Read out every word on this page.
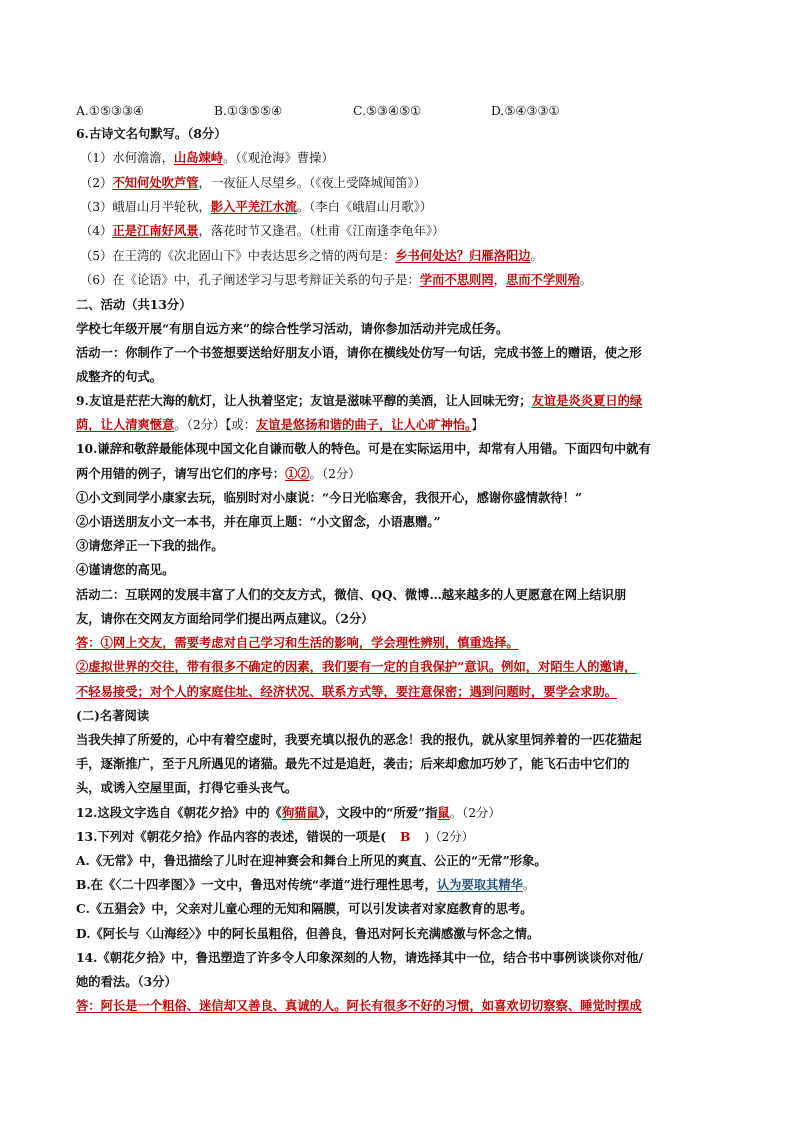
A.①⑤③③④	B.①③⑤⑤④	C.⑤③④⑤①	D.⑤④③③①
6.古诗文名句默写。（8分）
（1）水何澹澹，山岛竦峙。（《观沧海》曹操）
（2）不知何处吹芦管，一夜征人尽望乡。（《夜上受降城闻笛》）
（3）峨眉山月半轮秋，影入平羌江水流。（李白《峨眉山月歌》）
（4）正是江南好风景，落花时节又逢君。（杜甫《江南逢李龟年》）
（5）在王湾的《次北固山下》中表达思乡之情的两句是：乡书何处达？归雁洛阳边。
（6）在《论语》中，孔子阐述学习与思考辩证关系的句子是：学而不思则罔，思而不学则殆。
二、活动（共13分）
学校七年级开展“有朋自远方来”的综合性学习活动，请你参加活动并完成任务。
活动一：你制作了一个书签想要送给好朋友小语，请你在横线处仿写一句话，完成书签上的赠语，使之形
成整齐的句式。
9.友谊是茫茫大海的航灯，让人执着坚定；友谊是滋味平醇的美酒，让人回味无穷；友谊是炎炎夏日的绿
荫，让人清爽惬意。（2分）【或：友谊是悠扬和谐的曲子，让人心旷神怡。】
10.谦辞和敬辞最能体现中国文化自谦而敬人的特色。可是在实际运用中，却常有人用错。下面四句中就有
两个用错的例子，请写出它们的序号：①②。（2分）
①小文到同学小康家去玩，临别时对小康说：“今日光临寒舍，我很开心，感谢你盛情款待！”
②小语送朋友小文一本书，并在扉页上题：“小文留念，小语惠赠。”
③请您斧正一下我的拙作。
④谨请您的高见。
活动二：互联网的发展丰富了人们的交友方式，微信、QQ、微博…越来越多的人更愿意在网上结识朋
友，请你在交网友方面给同学们提出两点建议。（2分）
答：①网上交友，需要考虑对自己学习和生活的影响，学会理性辨别，慎重选择。
②虚拟世界的交往，带有很多不确定的因素，我们要有一定的自我保护”意识。例如，对陌生人的邀请，
不轻易接受；对个人的家庭住址、经济状况、联系方式等，要注意保密；遇到问题时，要学会求助。
(二)名著阅读
当我失掉了所爱的，心中有着空虚时，我要充填以报仇的恶念！我的报仇，就从家里饲养着的一匹花猫起
手，逐渐推广，至于凡所遇见的诸猫。最先不过是追赶，袭击；后来却愈加巧妙了，能飞石击中它们的
头，或诱入空屋里面，打得它垂头丧气。
12.这段文字选自《朝花夕拾》中的《狗猫鼠》，文段中的“所爱”指鼠。（2分）
13.下列对《朝花夕拾》作品内容的表述，错误的一项是( B )（2分）
A.《无常》中，鲁迅描绘了儿时在迎神赛会和舞台上所见的爽直、公正的“无常”形象。
B.在《〈二十四孝图〉》一文中，鲁迅对传统“孝道”进行理性思考，认为要取其精华。
C.《五猖会》中，父亲对儿童心理的无知和隔膜，可以引发读者对家庭教育的思考。
D.《阿长与〈山海经〉》中的阿长虽粗俗，但善良，鲁迅对阿长充满感激与怀念之情。
14.《朝花夕拾》中，鲁迅塑造了许多令人印象深刻的人物，请选择其中一位，结合书中事例谈谈你对他/
她的看法。（3分）
答：阿长是一个粗俗、迷信却又善良、真诚的人。阿长有很多不好的习惯，如喜欢切切察察、睡觉时摆成
